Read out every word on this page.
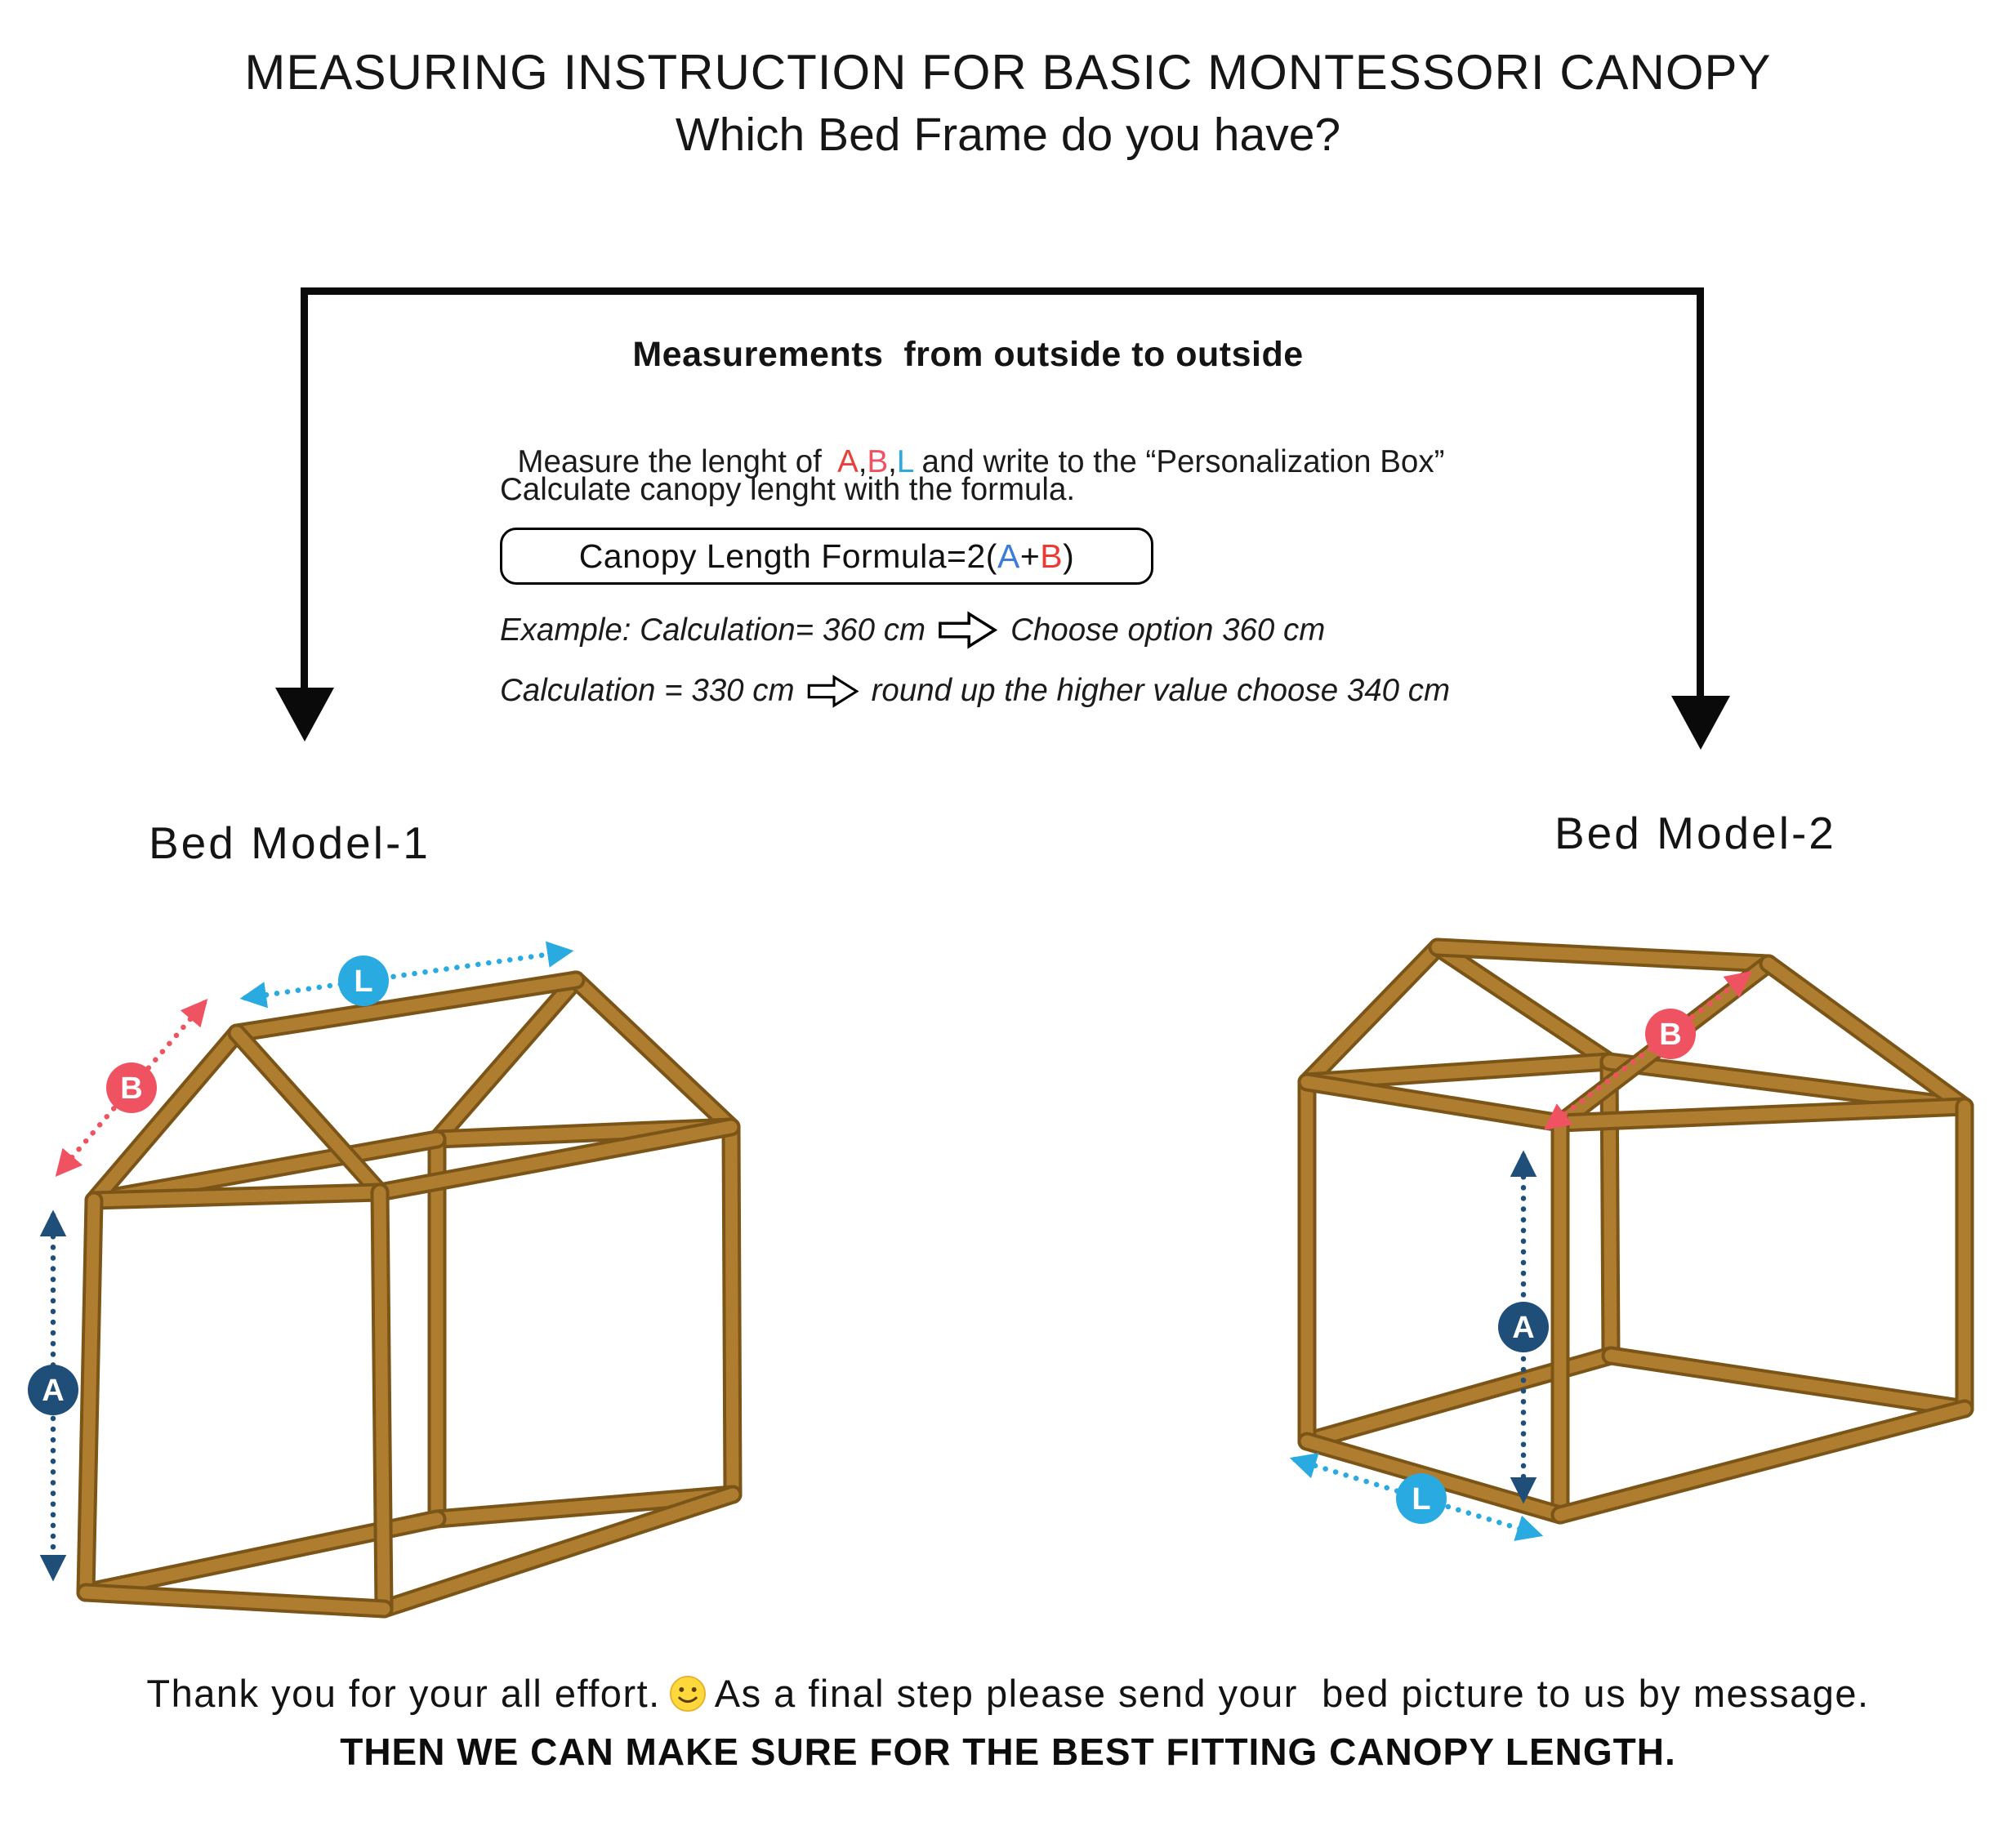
MEASURING INSTRUCTION FOR BASIC MONTESSORI CANOPY
Which Bed Frame do you have?
Measurements  from outside to outside

Measure the lenght of  A,B,L and write to the “Personalization Box”

Calculate canopy lenght with the formula.
Canopy Length Formula=2( A + B )
Example: Calculation= 360 cm	Choose option 360 cm
Calculation = 330 cm round up the higher value choose 340 cm
Bed Model-1	Bed Model-2
L
B
A
B
A
L
Thank you for your all effort. As a final step please send your  bed picture to us by message.
THEN WE CAN MAKE SURE FOR THE BEST FITTING CANOPY LENGTH.
